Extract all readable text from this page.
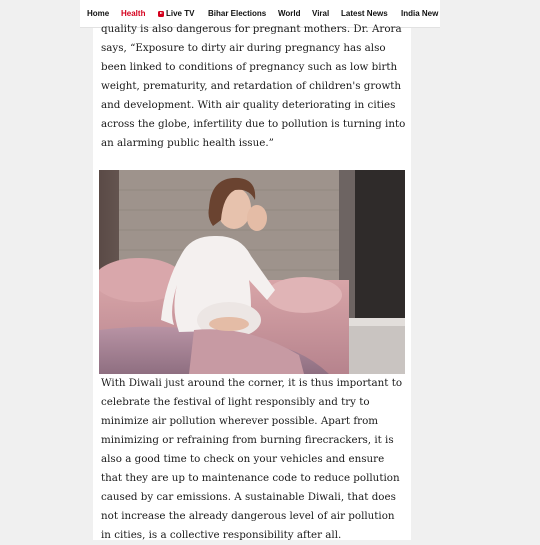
Home Health	Live TV Bihar Elections World Viral Latest News India New

quality is also dangerous for pregnant mothers. Dr. Arora says, “Exposure to dirty air during pregnancy has also been linked to conditions of pregnancy such as low birth weight, prematurity, and retardation of children's growth and development. With air quality deteriorating in cities across the globe, infertility due to pollution is turning into an alarming public health issue.”

With Diwali just around the corner, it is thus important to celebrate the festival of light responsibly and try to minimize air pollution wherever possible. Apart from minimizing or refraining from burning firecrackers, it is also a good time to check on your vehicles and ensure that they are up to maintenance code to reduce pollution caused by car emissions. A sustainable Diwali, that does not increase the already dangerous level of air pollution in cities, is a collective responsibility after all.
